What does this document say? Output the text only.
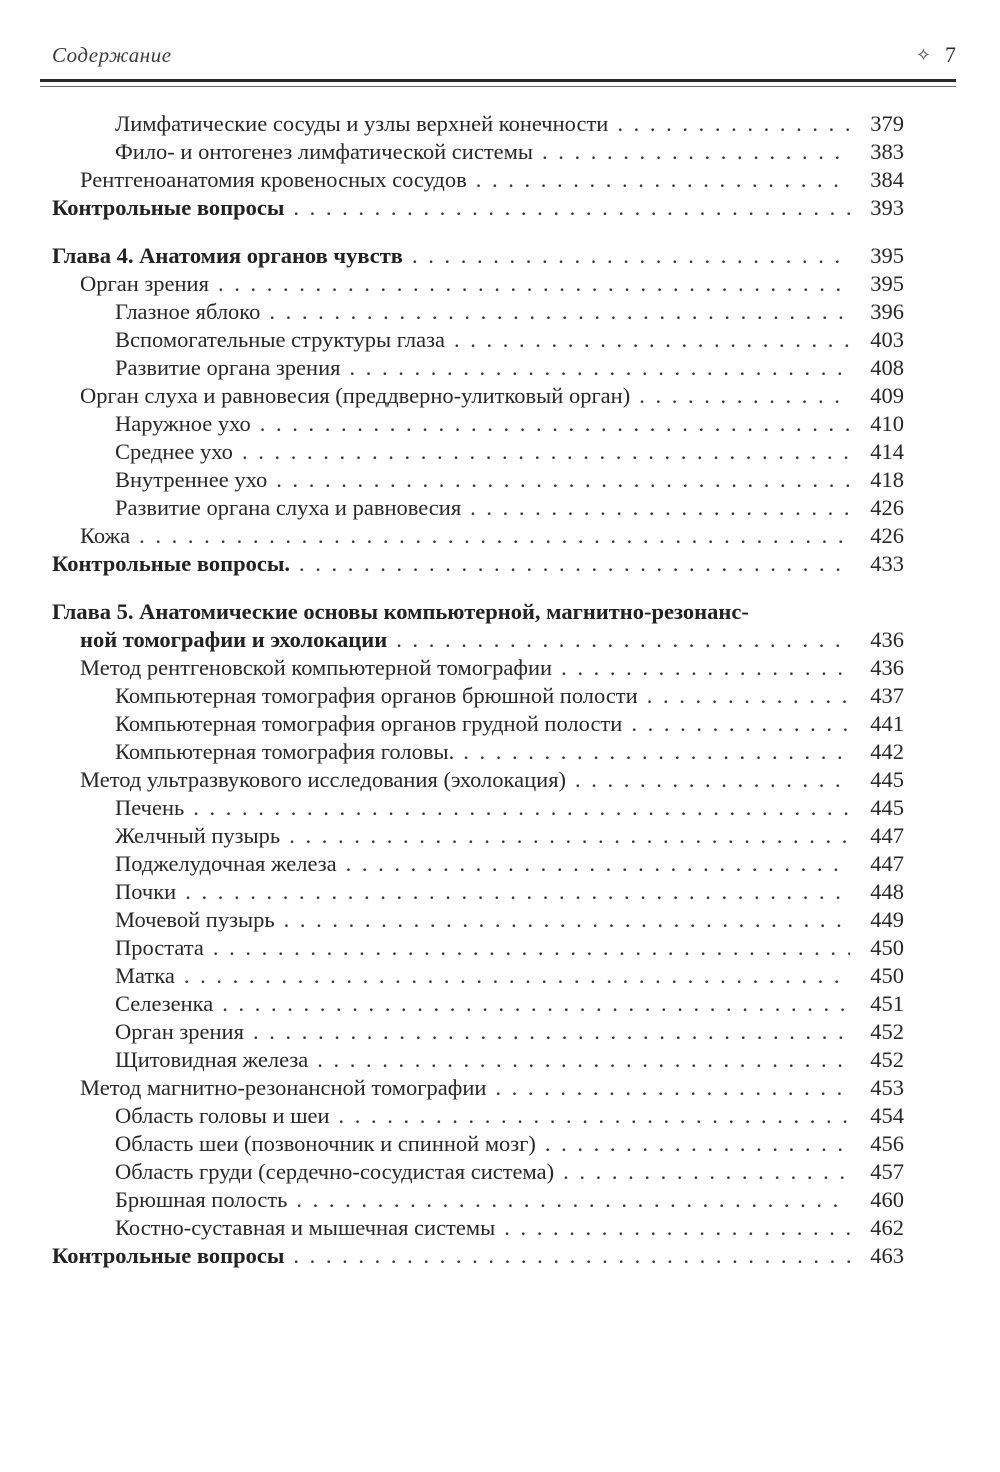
Содержание	✧ 7
Лимфатические сосуды и узлы верхней конечности . . .	379
Фило- и онтогенез лимфатической системы . . .	383
Рентгеноанатомия кровеносных сосудов . . .	384
Контрольные вопросы . . .	393
Глава 4. Анатомия органов чувств . . .	395
Орган зрения . . .	395
Глазное яблоко . . .	396
Вспомогательные структуры глаза . . .	403
Развитие органа зрения . . .	408
Орган слуха и равновесия (преддверно-улитковый орган) . . .	409
Наружное ухо . . .	410
Среднее ухо . . .	414
Внутреннее ухо . . .	418
Развитие органа слуха и равновесия . . .	426
Кожа . . .	426
Контрольные вопросы. . . .	433
Глава 5. Анатомические основы компьютерной, магнитно-резонанс-
ной томографии и эхолокации . . .	436
Метод рентгеновской компьютерной томографии . . .	436
Компьютерная томография органов брюшной полости . . .	437
Компьютерная томография органов грудной полости . . .	441
Компьютерная томография головы. . . .	442
Метод ультразвукового исследования (эхолокация) . . .	445
Печень . . .	445
Желчный пузырь . . .	447
Поджелудочная железа . . .	447
Почки . . .	448
Мочевой пузырь . . .	449
Простата . . .	450
Матка . . .	450
Селезенка . . .	451
Орган зрения . . .	452
Щитовидная железа . . .	452
Метод магнитно-резонансной томографии . . .	453
Область головы и шеи . . .	454
Область шеи (позвоночник и спинной мозг) . . .	456
Область груди (сердечно-сосудистая система) . . .	457
Брюшная полость . . .	460
Костно-суставная и мышечная системы . . .	462
Контрольные вопросы . . .	463
